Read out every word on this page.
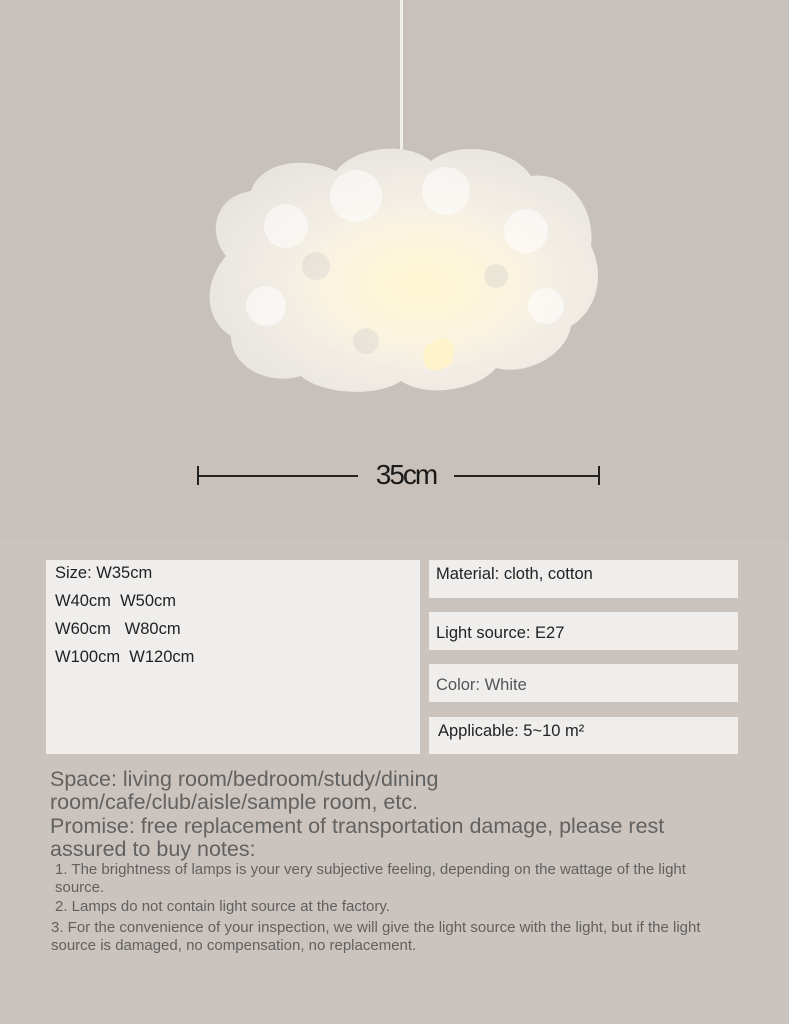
35cm
Size: W35cm
W40cm  W50cm
W60cm   W80cm
W100cm  W120cm
Material: cloth, cotton
Light source: E27
Color: White
Applicable: 5~10 m²
Space: living room/bedroom/study/dining
room/cafe/club/aisle/sample room, etc.
Promise: free replacement of transportation damage, please rest
assured to buy notes:
1. The brightness of lamps is your very subjective feeling, depending on the wattage of the light
source.
2. Lamps do not contain light source at the factory.
3. For the convenience of your inspection, we will give the light source with the light, but if the light
source is damaged, no compensation, no replacement.
